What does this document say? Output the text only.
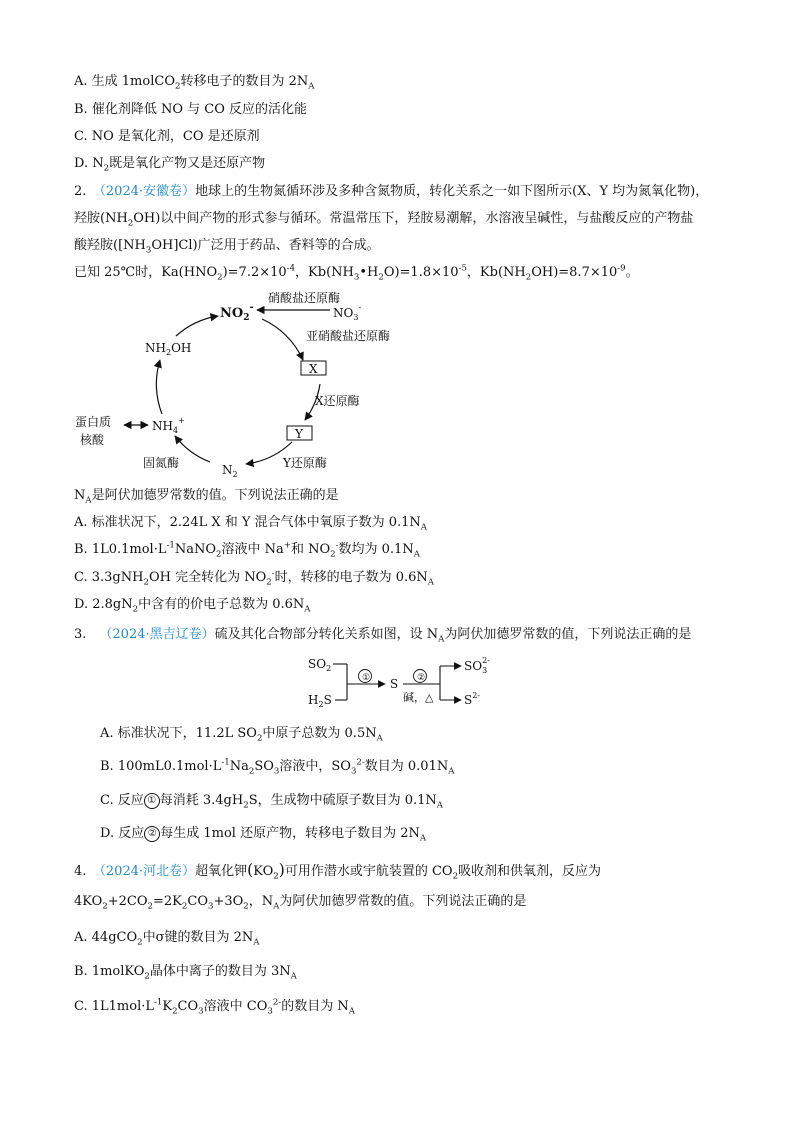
A. 生成 1molCO$_2$转移电子的数目为 $2N_A$
B. 催化剂降低 NO 与 CO 反应的活化能
C. NO 是氧化剂，CO 是还原剂
D. $N_2$既是氧化产物又是还原产物
2.  （2024·安徽卷）地球上的生物氮循环涉及多种含氮物质，转化关系之一如下图所示(X、Y 均为氮氧化物)，
羟胺$(NH_2OH)$以中间产物的形式参与循环。常温常压下，羟胺易潮解，水溶液呈碱性，与盐酸反应的产物盐
酸羟胺$([NH_3OH]Cl)$广泛用于药品、香料等的合成。
已知 25℃时，$Ka(HNO_2)=7.2\times 10^{-4}$，$Kb(NH_3•H_2O)=1.8\times 10^{-5}$，$Kb(NH_2OH)=8.7\times 10^{-9}$。
$NO_2^-$	$NO_3^-$
硝酸盐还原酶
亚硝酸盐还原酶
X
X还原酶
Y
Y还原酶
$N_2$
固氮酶
$NH_4^+$
$NH_2OH$
蛋白质
核酸
$N_A$是阿伏加德罗常数的值。下列说法正确的是
A. 标准状况下，2.24L X 和 Y 混合气体中氧原子数为 $0.1N_A$
B. $1L0.1mol\cdot L^{-1}NaNO_2$溶液中 Na+和 $NO_2^-$数均为 $0.1N_A$
C. 3.3gNH$_2$OH 完全转化为 $NO_2^-$时，转移的电子数为 $0.6N_A$
D. $2.8gN_2$中含有的价电子总数为 $0.6N_A$
3.  （2024·黑吉辽卷）硫及其化合物部分转化关系如图，设 $N_A$为阿伏加德罗常数的值，下列说法正确的是
$SO_2$
$H_2S$
① S ②
碱，△
$SO_32-$
$S^{2-}$
A. 标准状况下，11.2L $SO_2$中原子总数为 $0.5N_A$
B. $100mL0.1mol\cdot L^{-1}Na_2SO_3$溶液中，$SO_3^{2-}$数目为 $0.01N_A$
C. 反应 ① 每消耗 $3.4gH_2S$，生成物中硫原子数目为 $0.1N_A$
D. 反应 ② 每生成 1mol 还原产物，转移电子数目为 $2N_A$
4.  （2024·河北卷）超氧化钾$(KO_2)$可用作潜水或宇航装置的 $CO_2$吸收剂和供氧剂，反应为
$4KO_2+2CO_2=2K_2CO_3+3O_2$，$N_A$为阿伏加德罗常数的值。下列说法正确的是
A. 44gCO$_2$中σ键的数目为 $2N_A$
B. 1molKO$_2$晶体中离子的数目为 $3N_A$
C. $1L1mol\cdot L^{-1}K_2CO_3$溶液中 $CO_3^{2-}$的数目为 $N_A$
